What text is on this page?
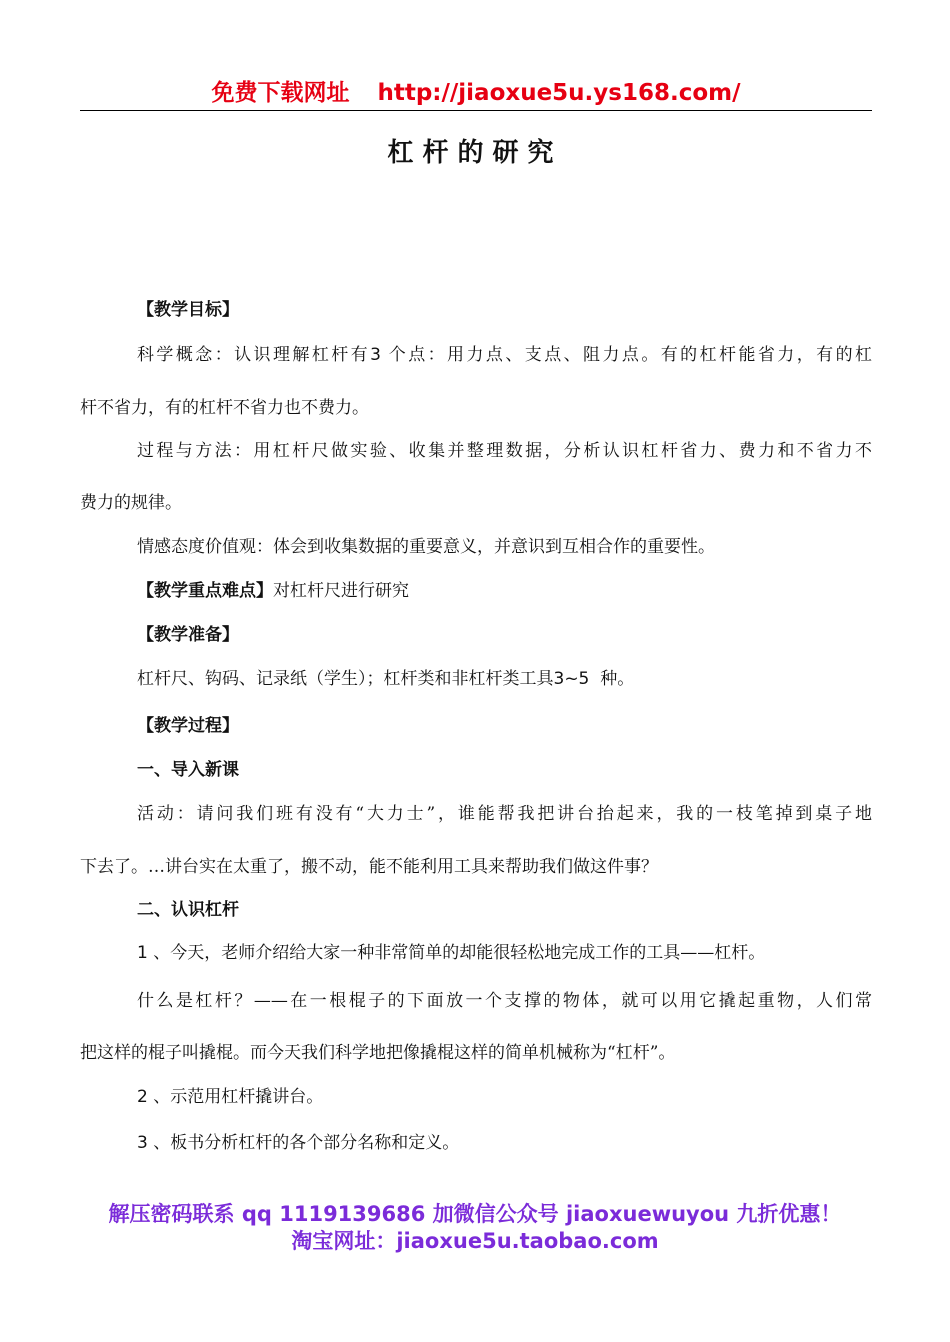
免费下载网址 http://jiaoxue5u.ys168.com/
杠杆的研究
【教学目标】
科学概念：认识理解杠杆有3 个点：用力点、支点、阻力点。有的杠杆能省力，有的杠
杆不省力，有的杠杆不省力也不费力。
过程与方法：用杠杆尺做实验、收集并整理数据，分析认识杠杆省力、费力和不省力不
费力的规律。
情感态度价值观：体会到收集数据的重要意义，并意识到互相合作的重要性。
【教学重点难点】对杠杆尺进行研究
【教学准备】
杠杆尺、钩码、记录纸（学生）；杠杆类和非杠杆类工具3~5  种。
【教学过程】
一、导入新课
活动：请问我们班有没有“大力士”，谁能帮我把讲台抬起来，我的一枝笔掉到桌子地
下去了。…讲台实在太重了，搬不动，能不能利用工具来帮助我们做这件事？
二、认识杠杆
1 、今天，老师介绍给大家一种非常简单的却能很轻松地完成工作的工具——杠杆。
什么是杠杆？——在一根棍子的下面放一个支撑的物体，就可以用它撬起重物，人们常
把这样的棍子叫撬棍。而今天我们科学地把像撬棍这样的简单机械称为“杠杆”。
2 、示范用杠杆撬讲台。
3 、板书分析杠杆的各个部分名称和定义。
解压密码联系 qq 1119139686 加微信公众号 jiaoxuewuyou 九折优惠！
淘宝网址：jiaoxue5u.taobao.com
